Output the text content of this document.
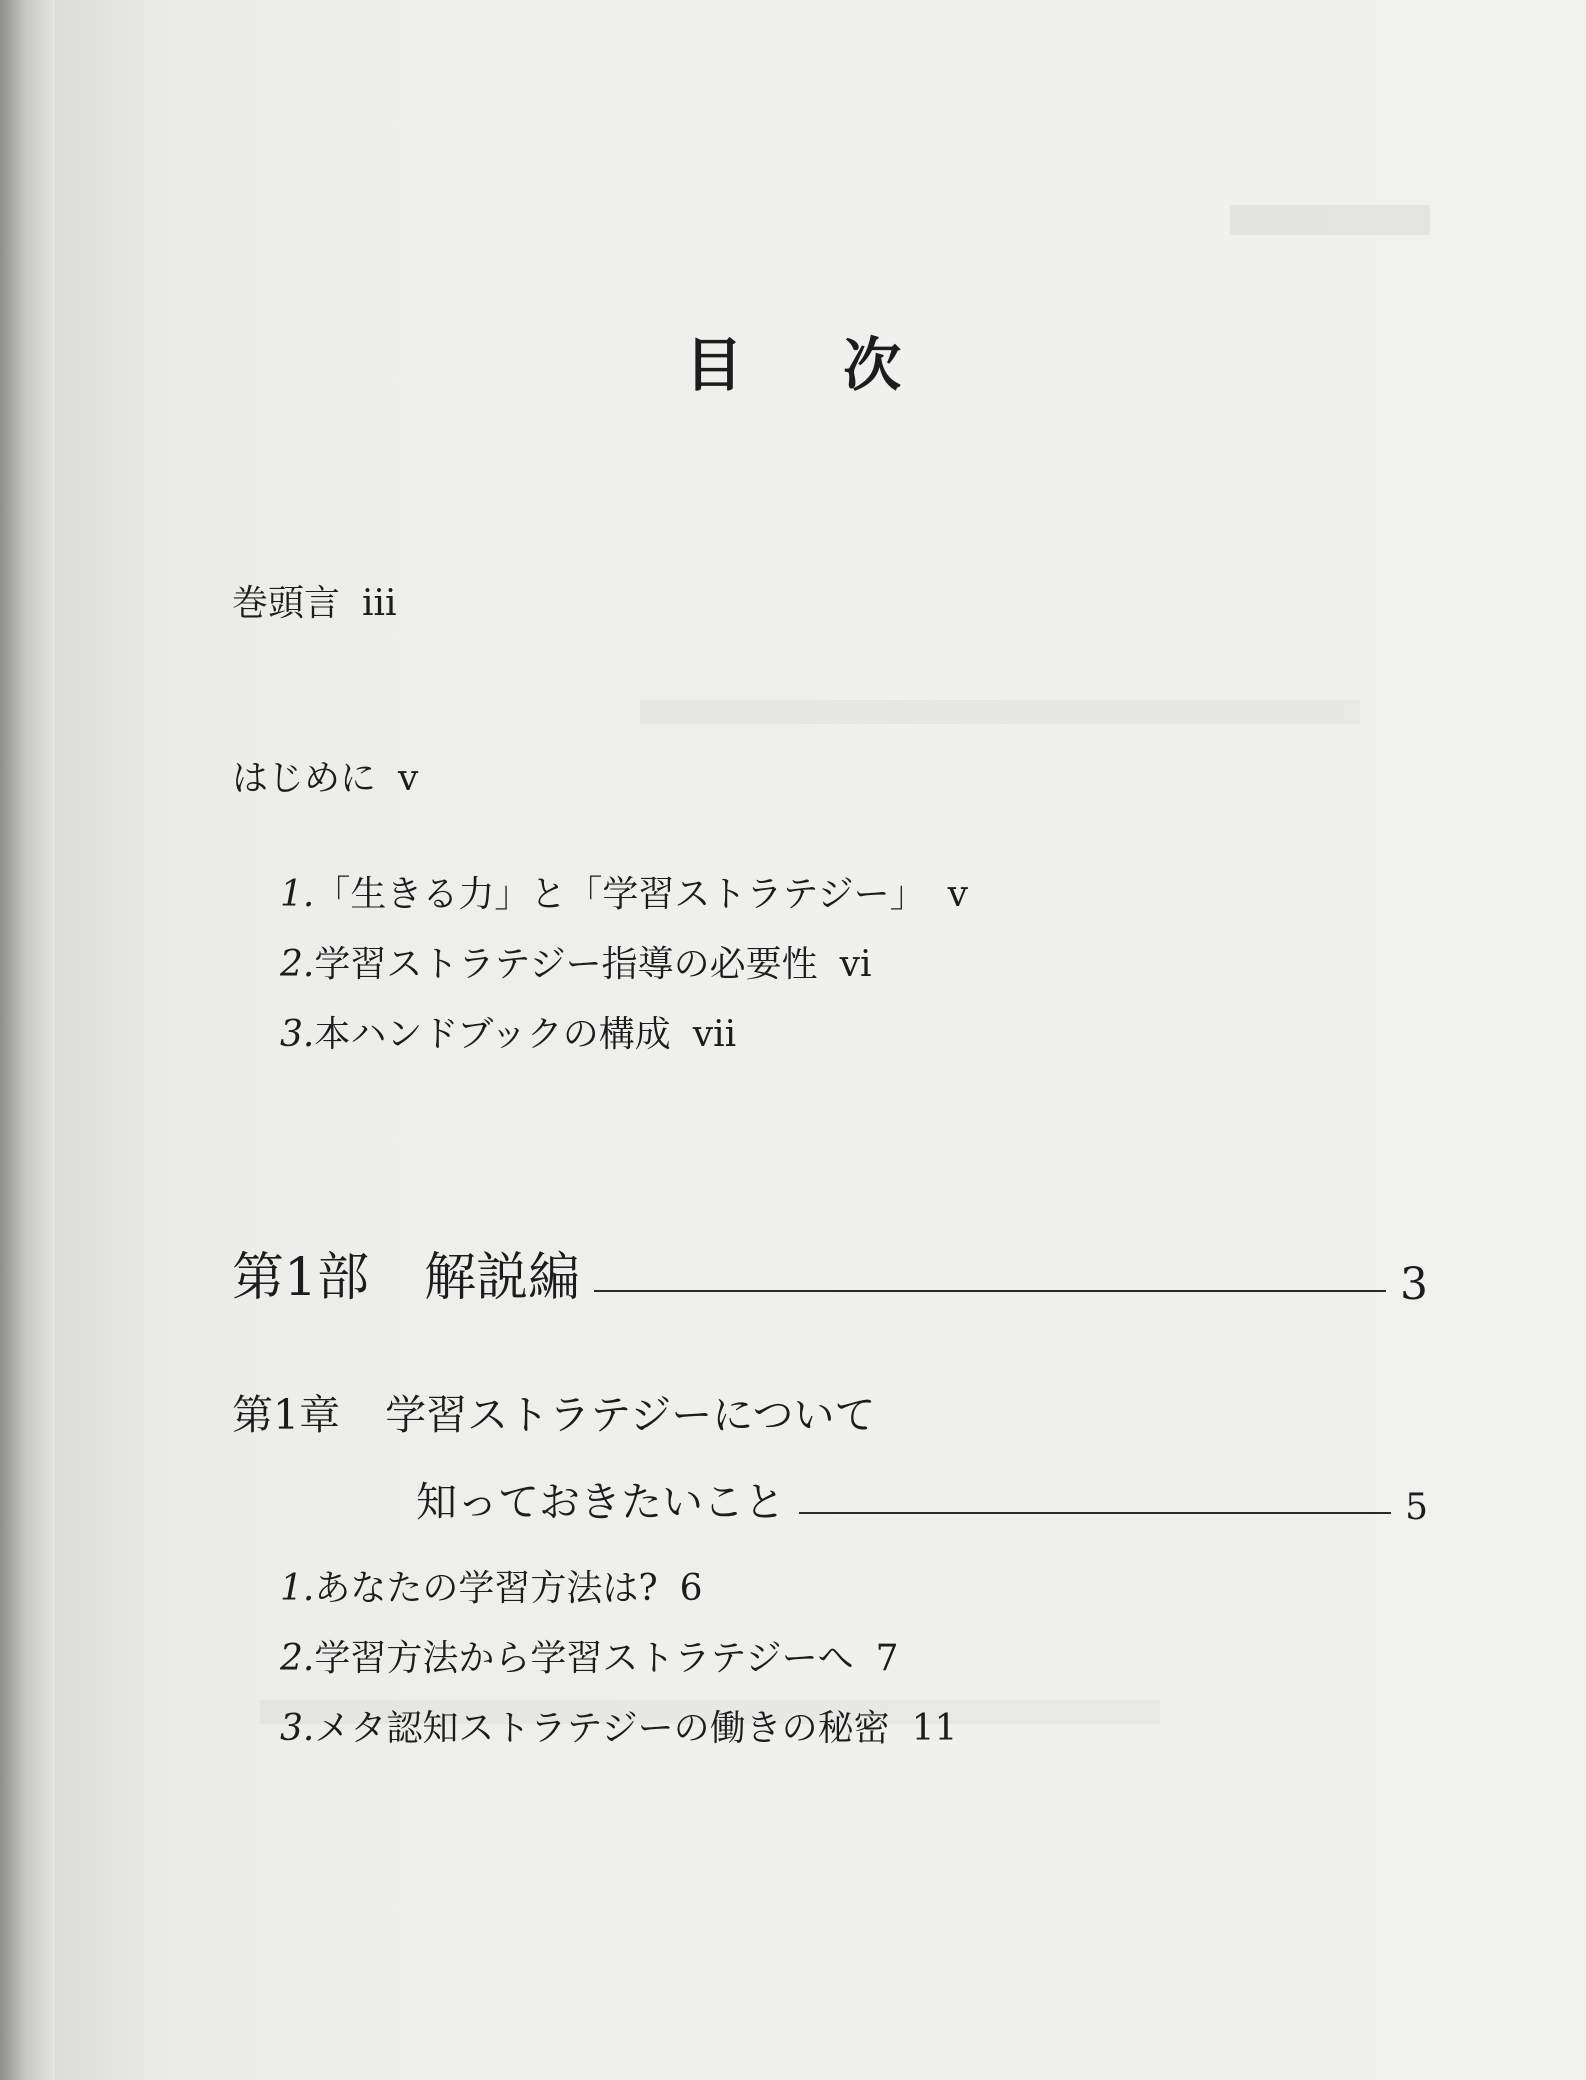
目 次
巻頭言 iii
はじめに v
1.「生きる力」と「学習ストラテジー」 v
2.学習ストラテジー指導の必要性 vi
3.本ハンドブックの構成 vii
第1部 解説編	3
第1章 学習ストラテジーについて
知っておきたいこと	5
1.あなたの学習方法は? 6
2.学習方法から学習ストラテジーへ 7
3.メタ認知ストラテジーの働きの秘密 11
